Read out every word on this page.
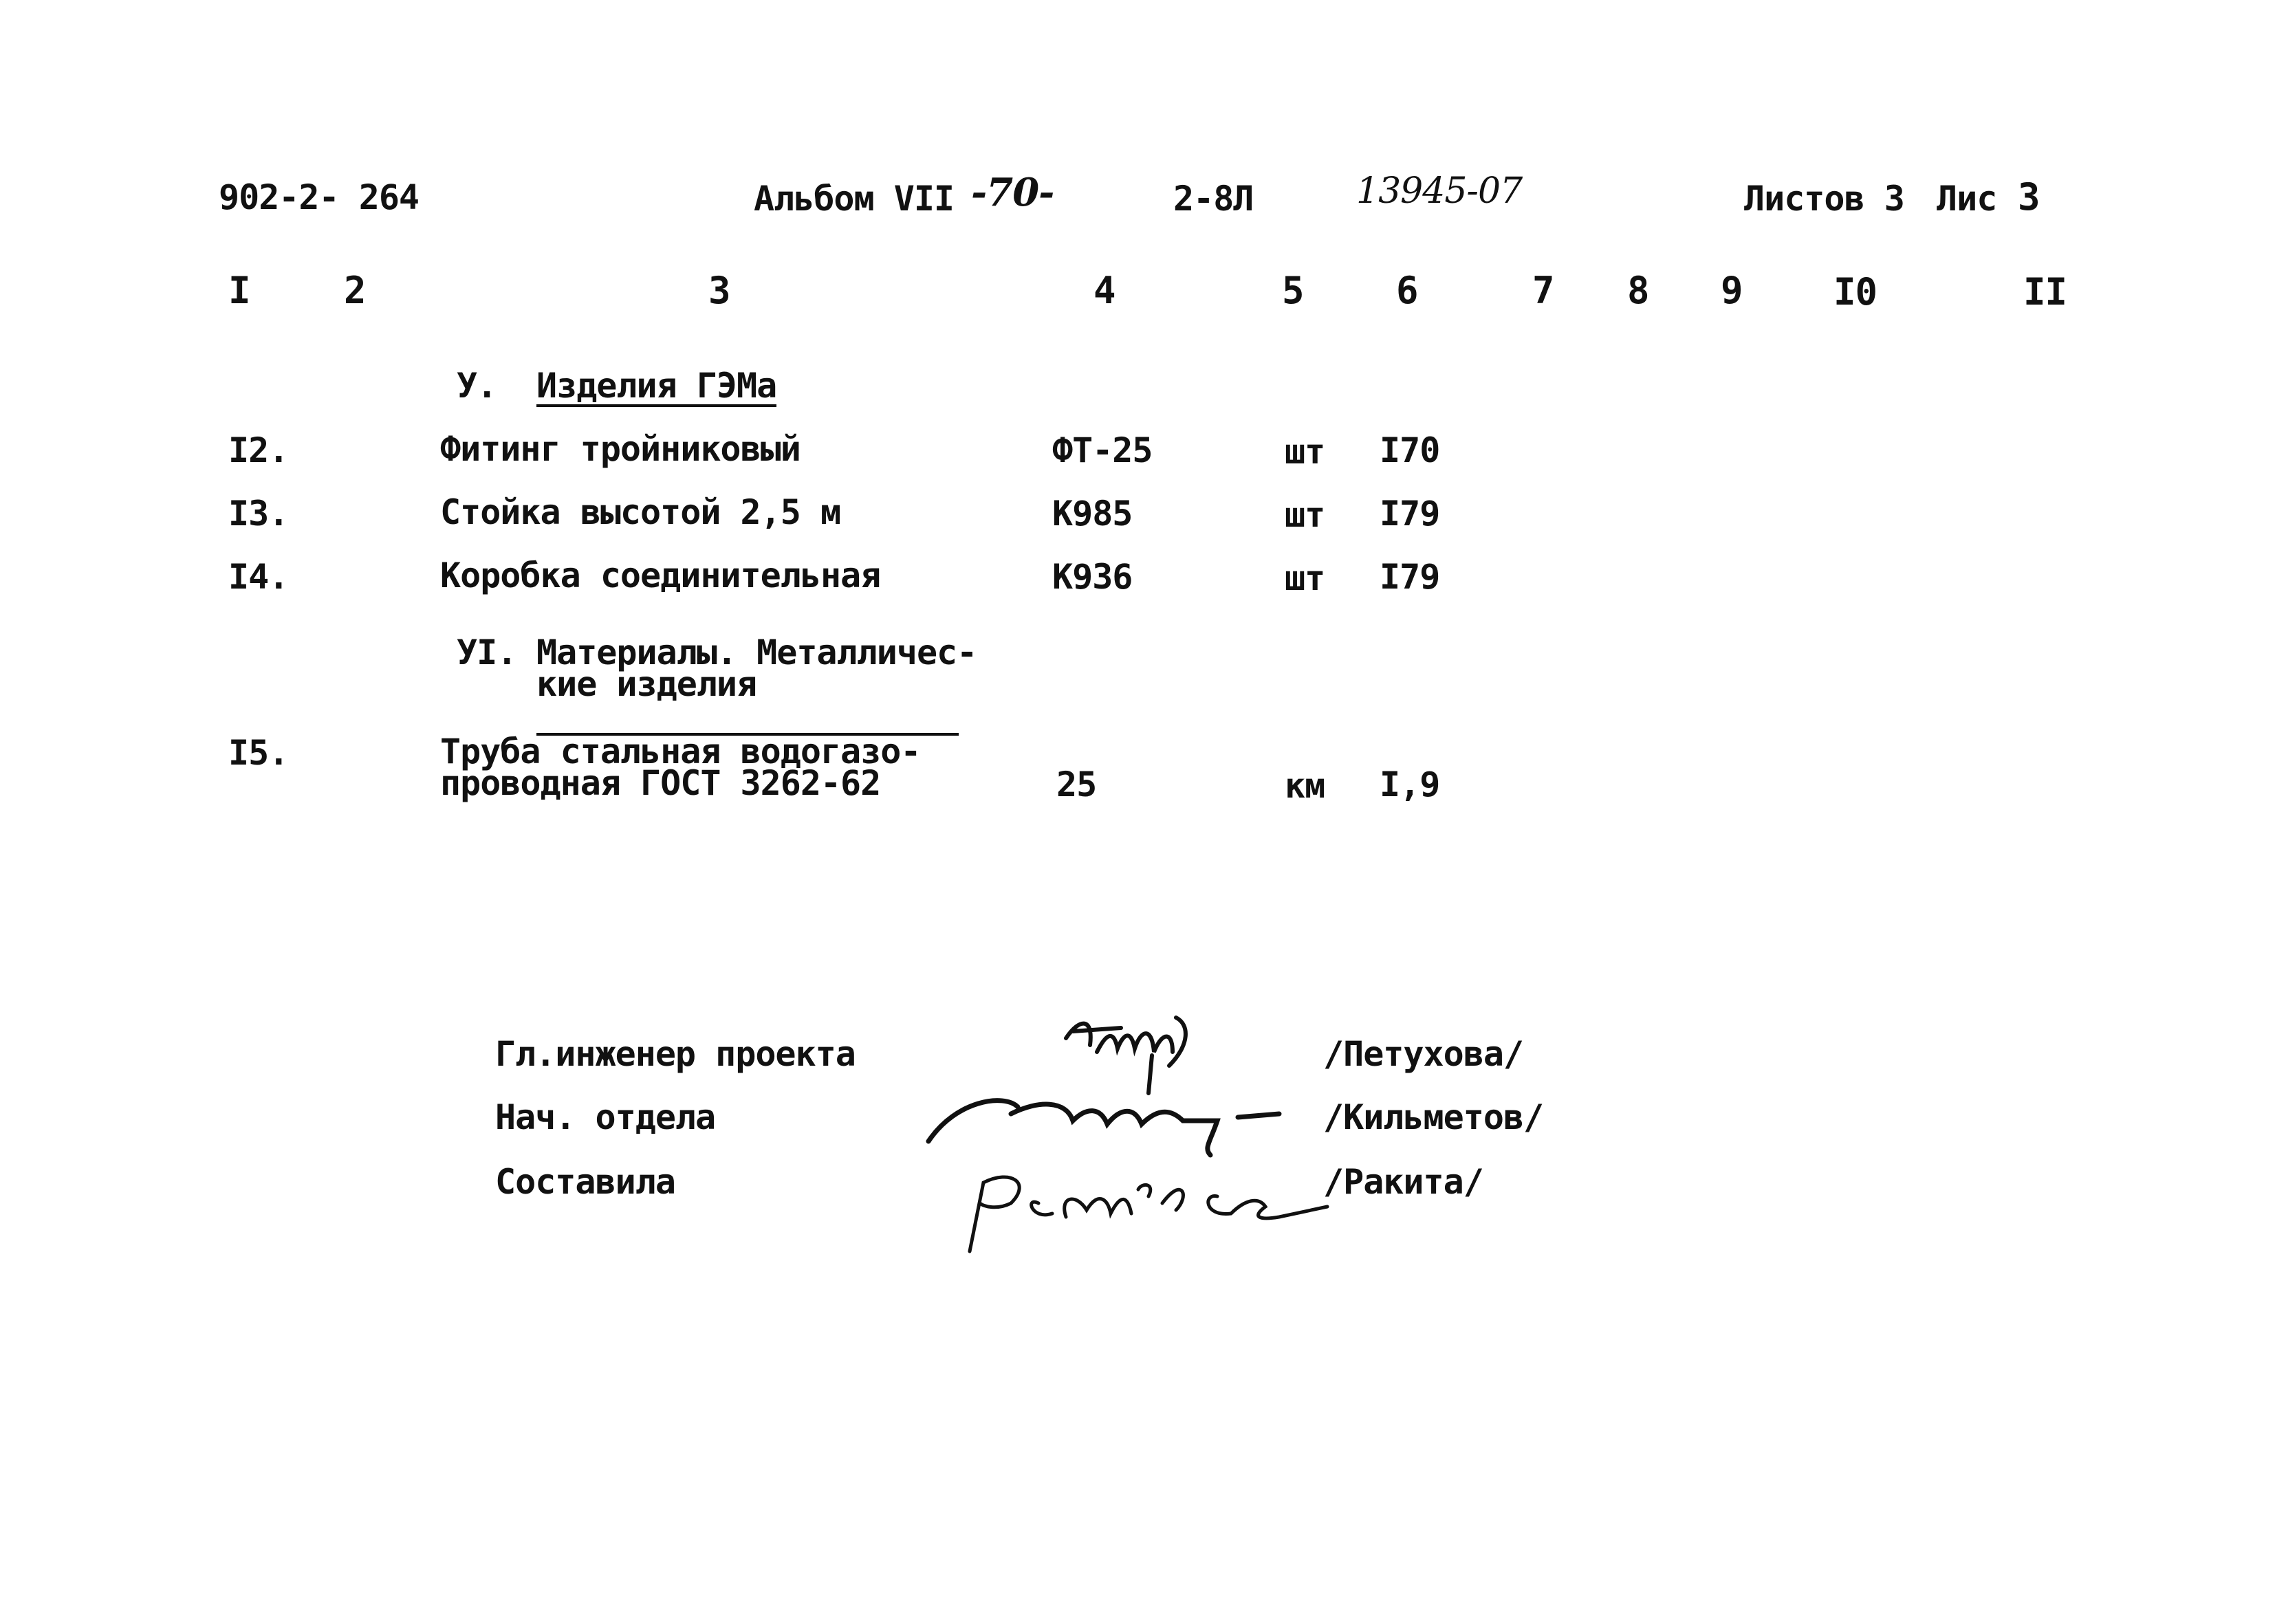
902-2- 264	Альбом VII -70-	2-8Л	13945-07	Листов 3 Лис 3
I	2	3	4	5 6	7 8 9 I0	II
У. Изделия ГЭМа
I2.	Фитинг тройниковый	ФТ-25	шт I70
I3.	Стойка высотой 2,5 м	К985	шт I79
I4.	Коробка соединительная	К936	шт I79
УI. Материалы. Металличес-
кие изделия
I5.	Труба стальная водогазо-
проводная ГОСТ 3262-62	25	км I,9
Гл.инженер проекта	/Петухова/
Нач. отдела	/Кильметов/
Составила	/Ракита/
